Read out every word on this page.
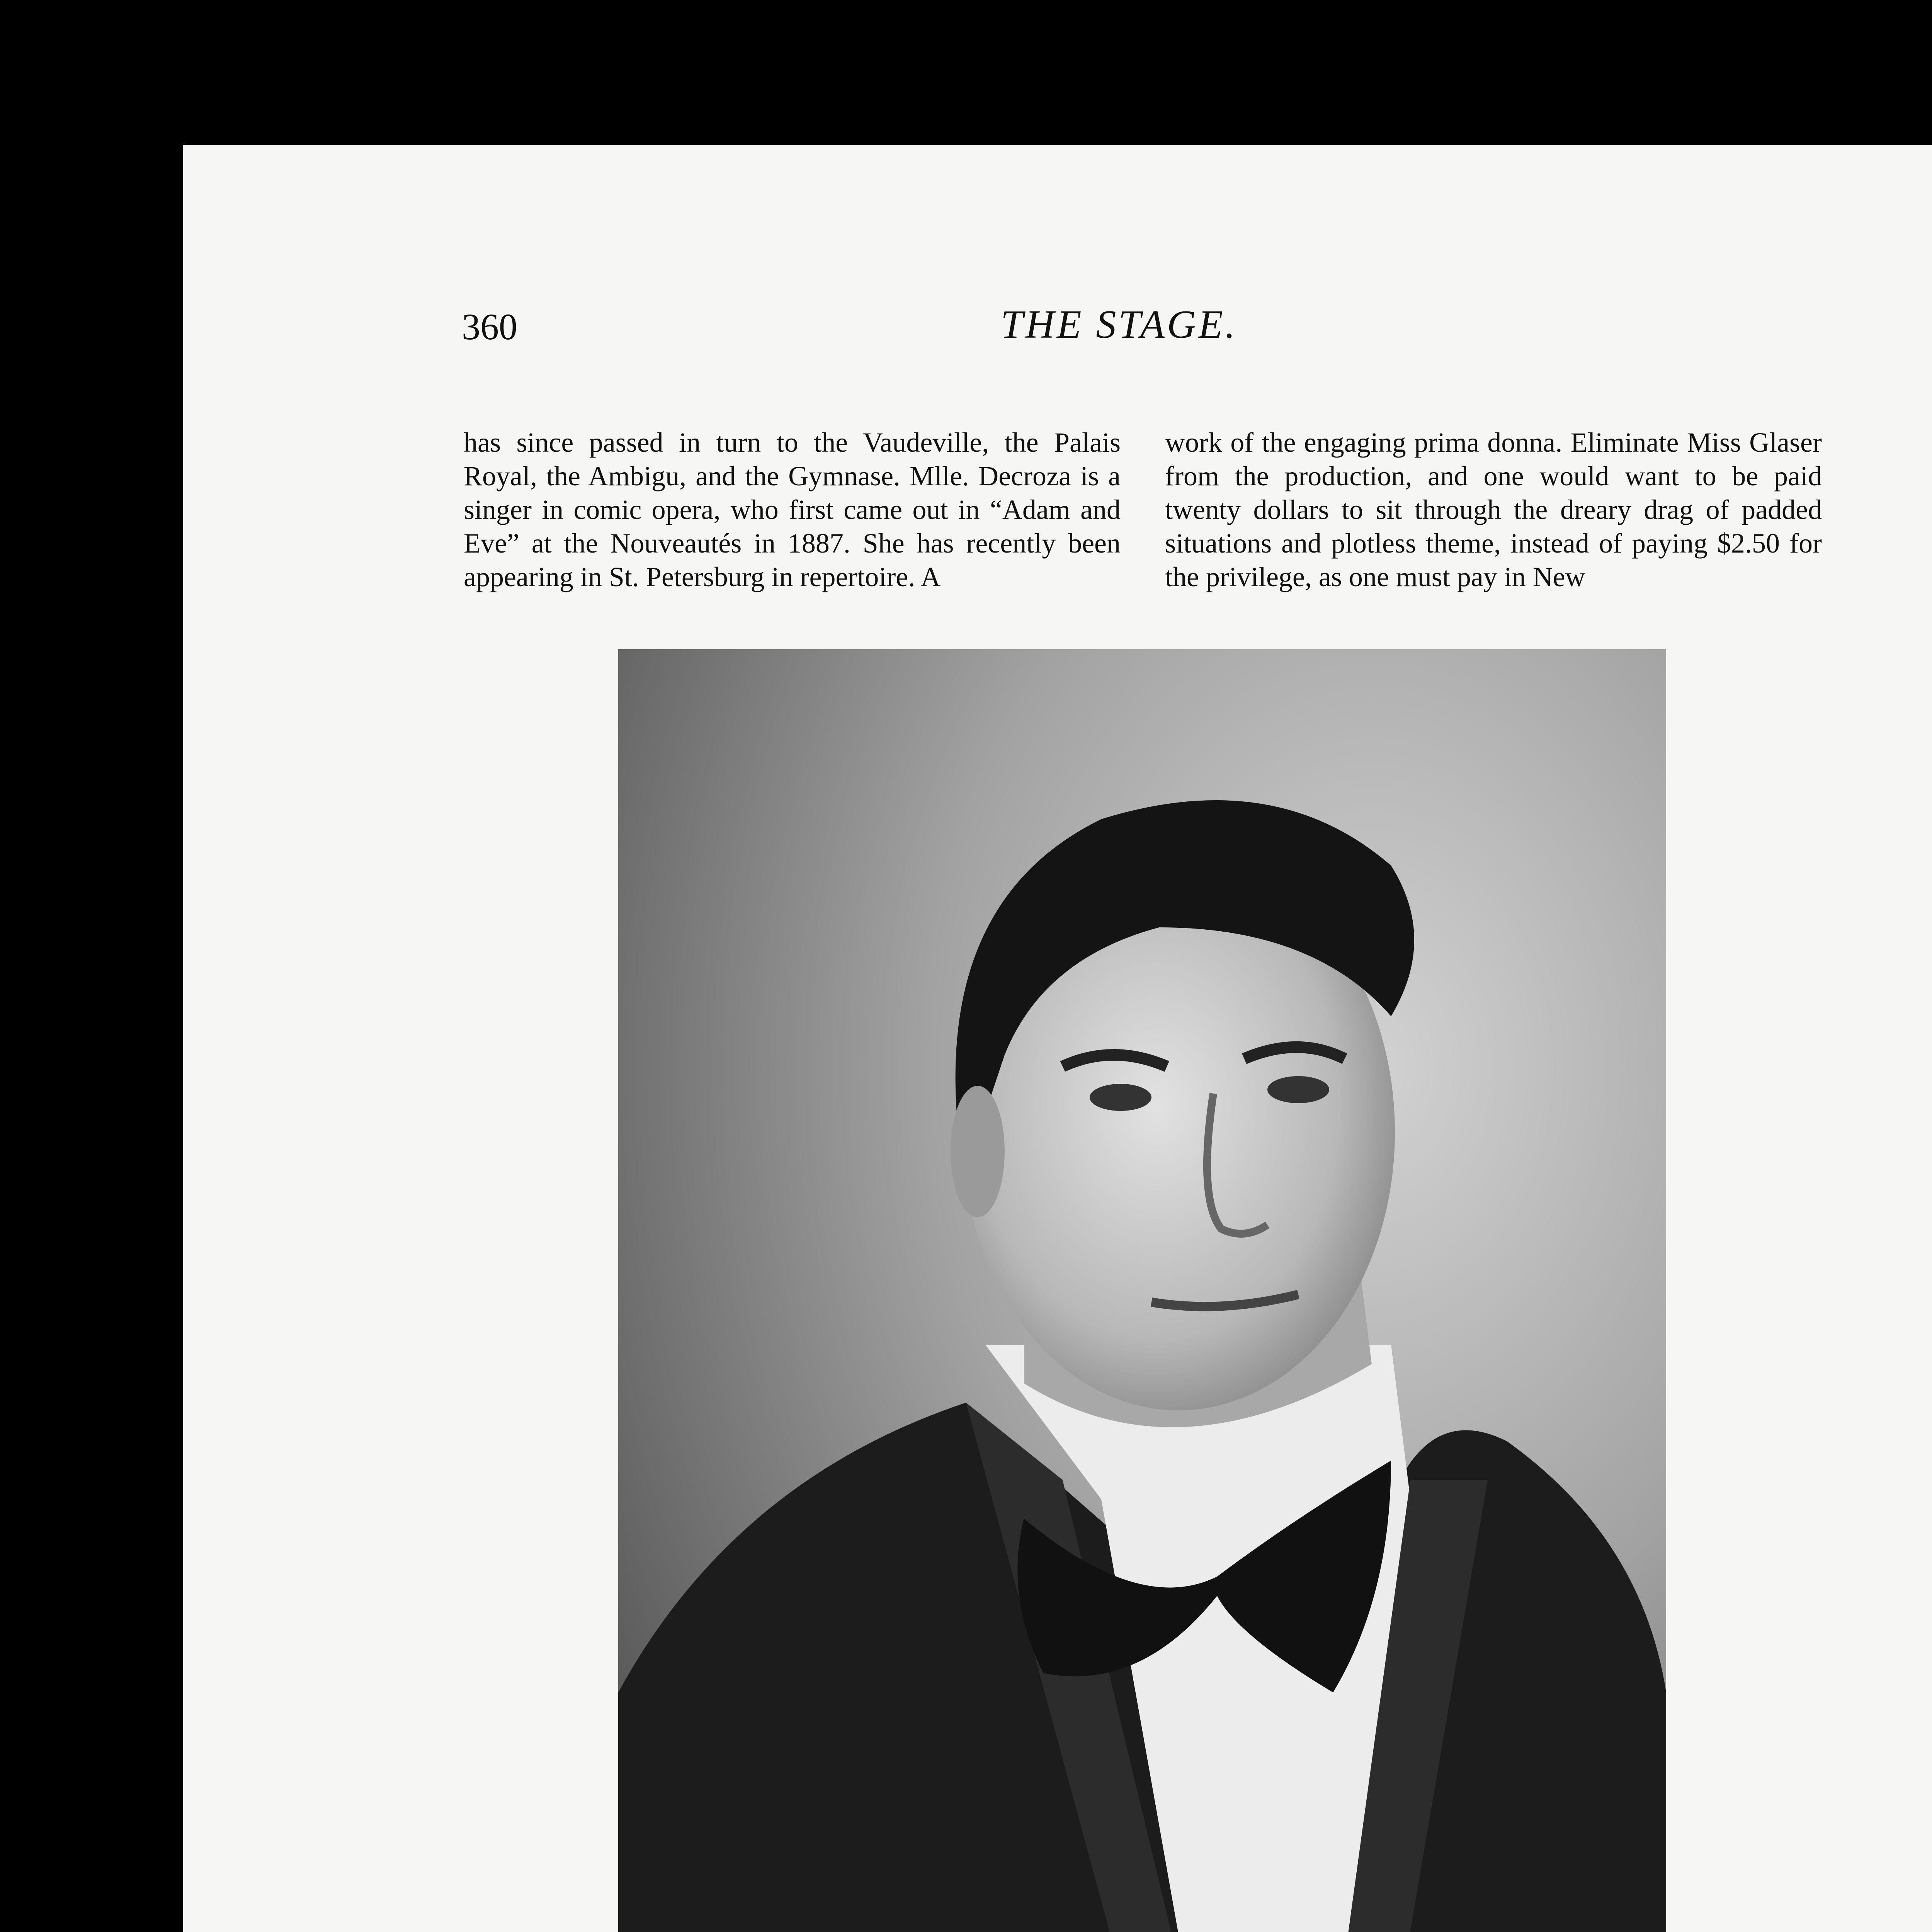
360	THE STAGE.

has since passed in turn to the Vaudeville, the Palais Royal, the Ambigu, and the Gymnase. Mlle. Decroza is a singer in comic opera, who first came out in “Adam and Eve” at the Nouveautés in 1887. She has recently been appearing in St. Petersburg in repertoire. A

work of the engaging prima donna. Eliminate Miss Glaser from the production, and one would want to be paid twenty dollars to sit through the dreary drag of padded situations and plotless theme, instead of paying $2.50 for the privilege, as one must pay in New
